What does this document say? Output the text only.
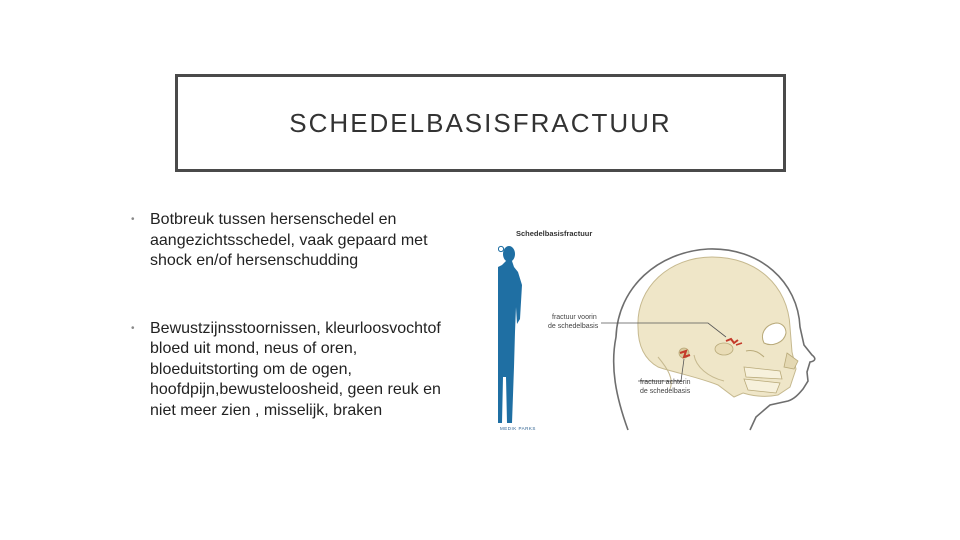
SCHEDELBASISFRACTUUR
• Botbreuk tussen hersenschedel en aangezichtsschedel, vaak gepaard met shock en/of hersenschudding
• Bewustzijnsstoornissen, kleurloosvochtof bloed uit mond, neus of oren, bloeduitstorting om de ogen, hoofdpijn,bewusteloosheid, geen reuk en niet meer zien , misselijk, braken
Schedelbasisfractuur
fractuur voorin
de schedelbasis
fractuur achterin
de schedelbasis
MEDIK PARKS
